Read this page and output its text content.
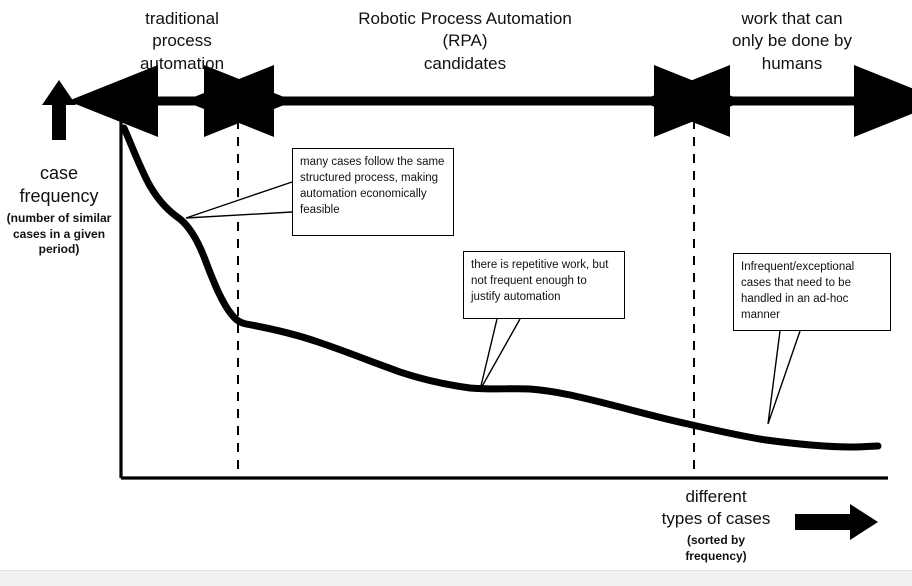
traditional
process
automation
Robotic Process Automation
(RPA)
candidates
work that can
only be done by
humans
case
frequency
(number of similar
cases in a given
period)
different
types of cases
(sorted by
frequency)
many cases follow the same structured process, making automation economically feasible
there is repetitive work, but not frequent enough to justify automation
Infrequent/exceptional cases that need to be handled in an ad-hoc manner
